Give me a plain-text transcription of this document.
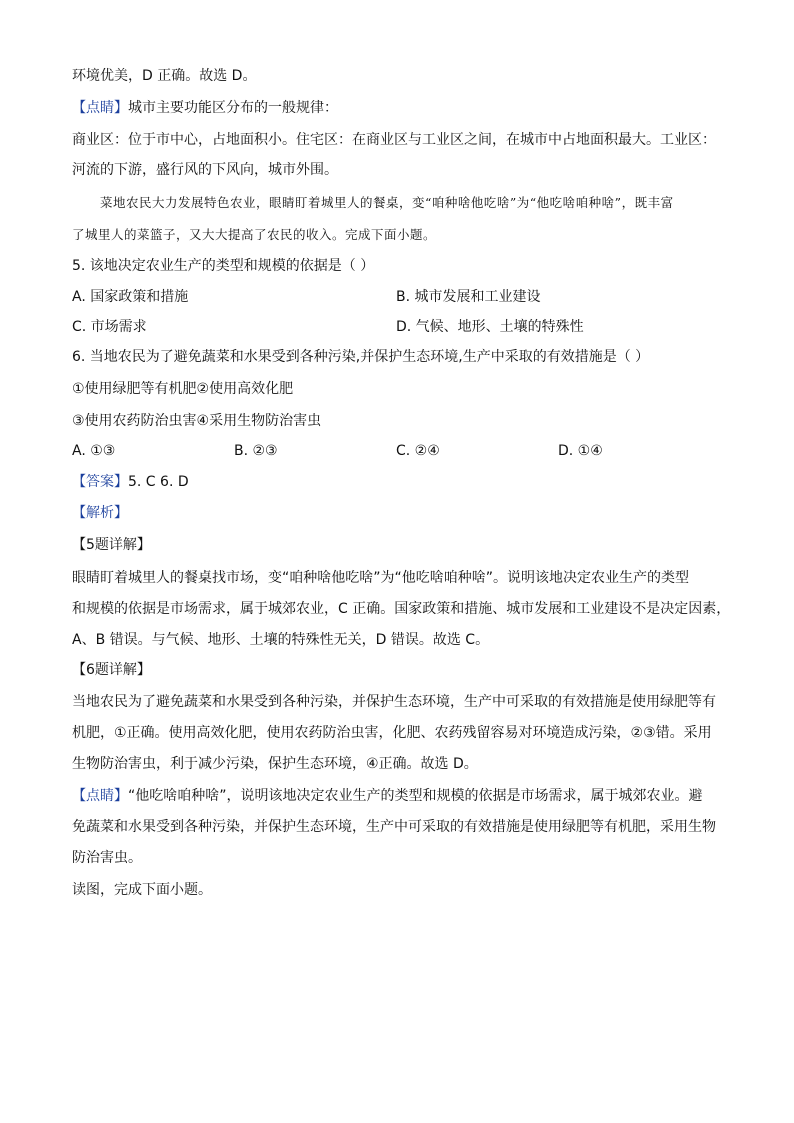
环境优美，D 正确。故选 D。
【点睛】城市主要功能区分布的一般规律：
商业区：位于市中心，占地面积小。住宅区：在商业区与工业区之间，在城市中占地面积最大。工业区：
河流的下游，盛行风的下风向，城市外围。
菜地农民大力发展特色农业，眼睛盯着城里人的餐桌，变“咱种啥他吃啥”为“他吃啥咱种啥”，既丰富
了城里人的菜篮子，又大大提高了农民的收入。完成下面小题。
5. 该地决定农业生产的类型和规模的依据是（ ）
A. 国家政策和措施	B. 城市发展和工业建设
C. 市场需求	D. 气候、地形、土壤的特殊性
6. 当地农民为了避免蔬菜和水果受到各种污染,并保护生态环境,生产中采取的有效措施是（ ）
①使用绿肥等有机肥②使用高效化肥
③使用农药防治虫害④采用生物防治害虫
A. ①③	B. ②③	C. ②④	D. ①④
【答案】5. C 6. D
【解析】
【5题详解】
眼睛盯着城里人的餐桌找市场，变“咱种啥他吃啥”为“他吃啥咱种啥”。说明该地决定农业生产的类型
和规模的依据是市场需求，属于城郊农业，C 正确。国家政策和措施、城市发展和工业建设不是决定因素，
A、B 错误。与气候、地形、土壤的特殊性无关，D 错误。故选 C。
【6题详解】
当地农民为了避免蔬菜和水果受到各种污染，并保护生态环境，生产中可采取的有效措施是使用绿肥等有
机肥，①正确。使用高效化肥，使用农药防治虫害，化肥、农药残留容易对环境造成污染，②③错。采用
生物防治害虫，利于减少污染，保护生态环境，④正确。故选 D。
【点睛】“他吃啥咱种啥”，说明该地决定农业生产的类型和规模的依据是市场需求，属于城郊农业。避
免蔬菜和水果受到各种污染，并保护生态环境，生产中可采取的有效措施是使用绿肥等有机肥，采用生物
防治害虫。
读图，完成下面小题。
